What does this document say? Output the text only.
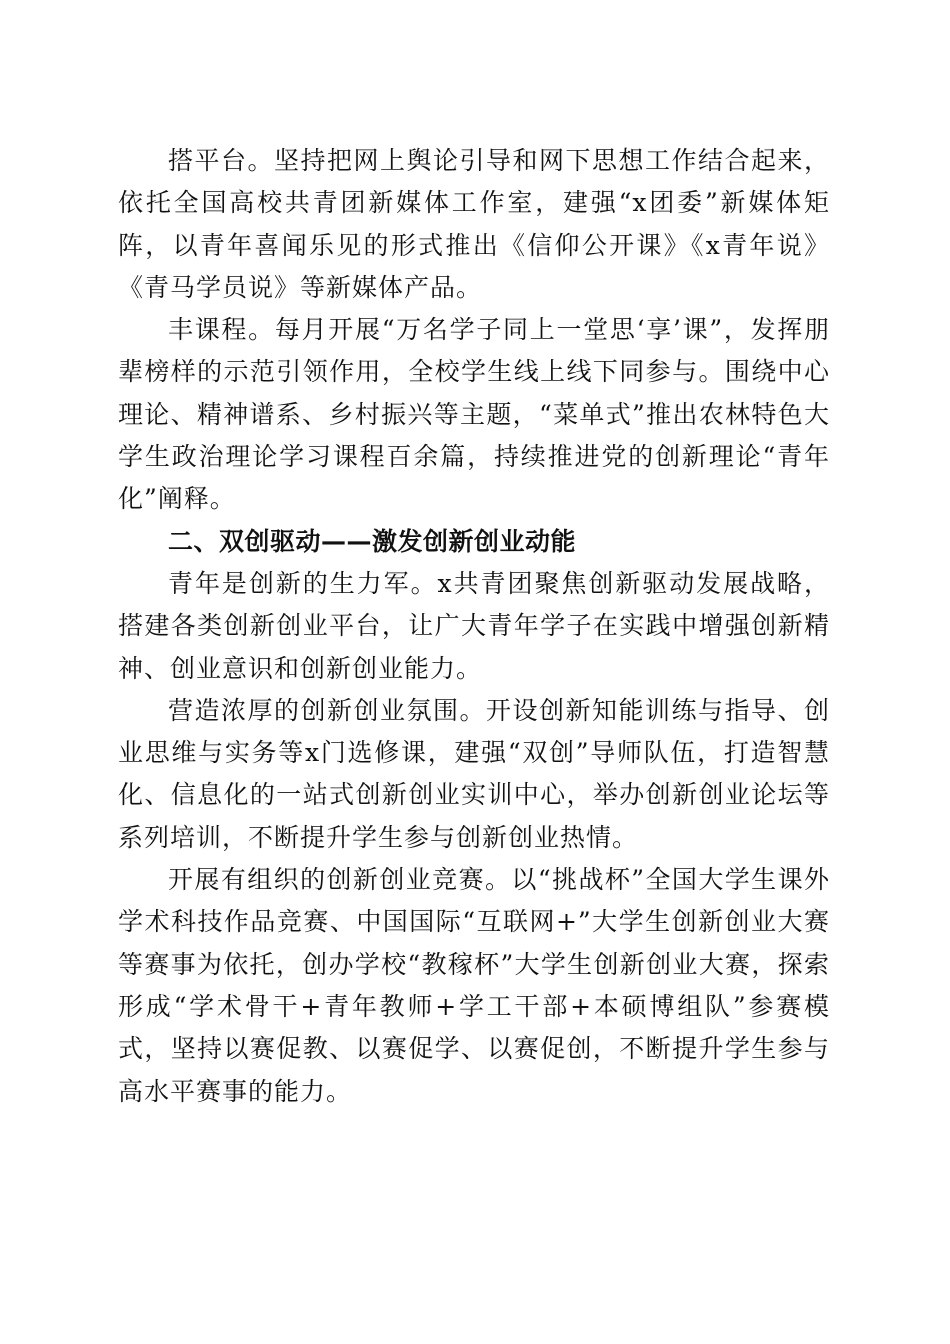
搭平台。坚持把网上舆论引导和网下思想工作结合起来，依托全国高校共青团新媒体工作室，建强“x团委”新媒体矩阵，以青年喜闻乐见的形式推出《信仰公开课》《x青年说》《青马学员说》等新媒体产品。

丰课程。每月开展“万名学子同上一堂思‘享’课”，发挥朋辈榜样的示范引领作用，全校学生线上线下同参与。围绕中心理论、精神谱系、乡村振兴等主题，“菜单式”推出农林特色大学生政治理论学习课程百余篇，持续推进党的创新理论“青年化”阐释。

二、双创驱动——激发创新创业动能

青年是创新的生力军。x共青团聚焦创新驱动发展战略，搭建各类创新创业平台，让广大青年学子在实践中增强创新精神、创业意识和创新创业能力。

营造浓厚的创新创业氛围。开设创新知能训练与指导、创业思维与实务等x门选修课，建强“双创”导师队伍，打造智慧化、信息化的一站式创新创业实训中心，举办创新创业论坛等系列培训，不断提升学生参与创新创业热情。

开展有组织的创新创业竞赛。以“挑战杯”全国大学生课外学术科技作品竞赛、中国国际“互联网+”大学生创新创业大赛等赛事为依托，创办学校“教稼杯”大学生创新创业大赛，探索形成“学术骨干+青年教师+学工干部+本硕博组队”参赛模式，坚持以赛促教、以赛促学、以赛促创，不断提升学生参与高水平赛事的能力。
